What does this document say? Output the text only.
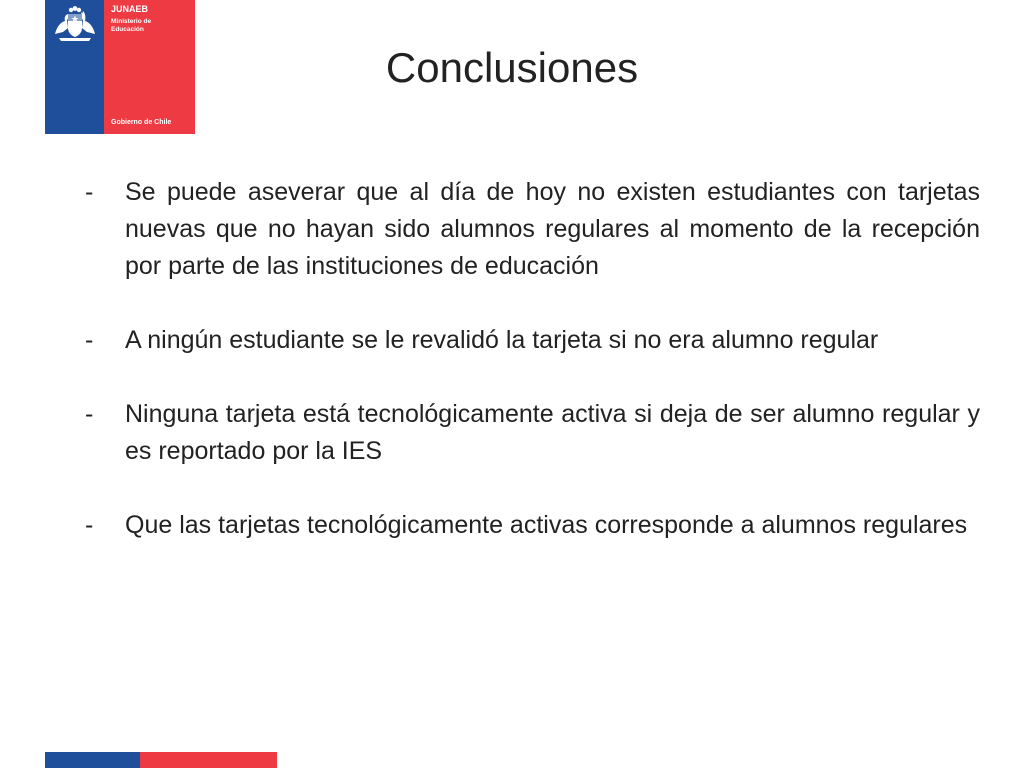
JUNAEB
Ministerio de Educación
Gobierno de Chile
Conclusiones
-	Se puede aseverar que al día de hoy no existen estudiantes con tarjetas nuevas que no hayan sido alumnos regulares al momento de la recepción por parte de las instituciones de educación
-	A ningún estudiante se le revalidó la tarjeta si no era alumno regular
-	Ninguna tarjeta está tecnológicamente activa si deja de ser alumno regular y es reportado por la IES
-	Que las tarjetas tecnológicamente activas corresponde a alumnos regulares
